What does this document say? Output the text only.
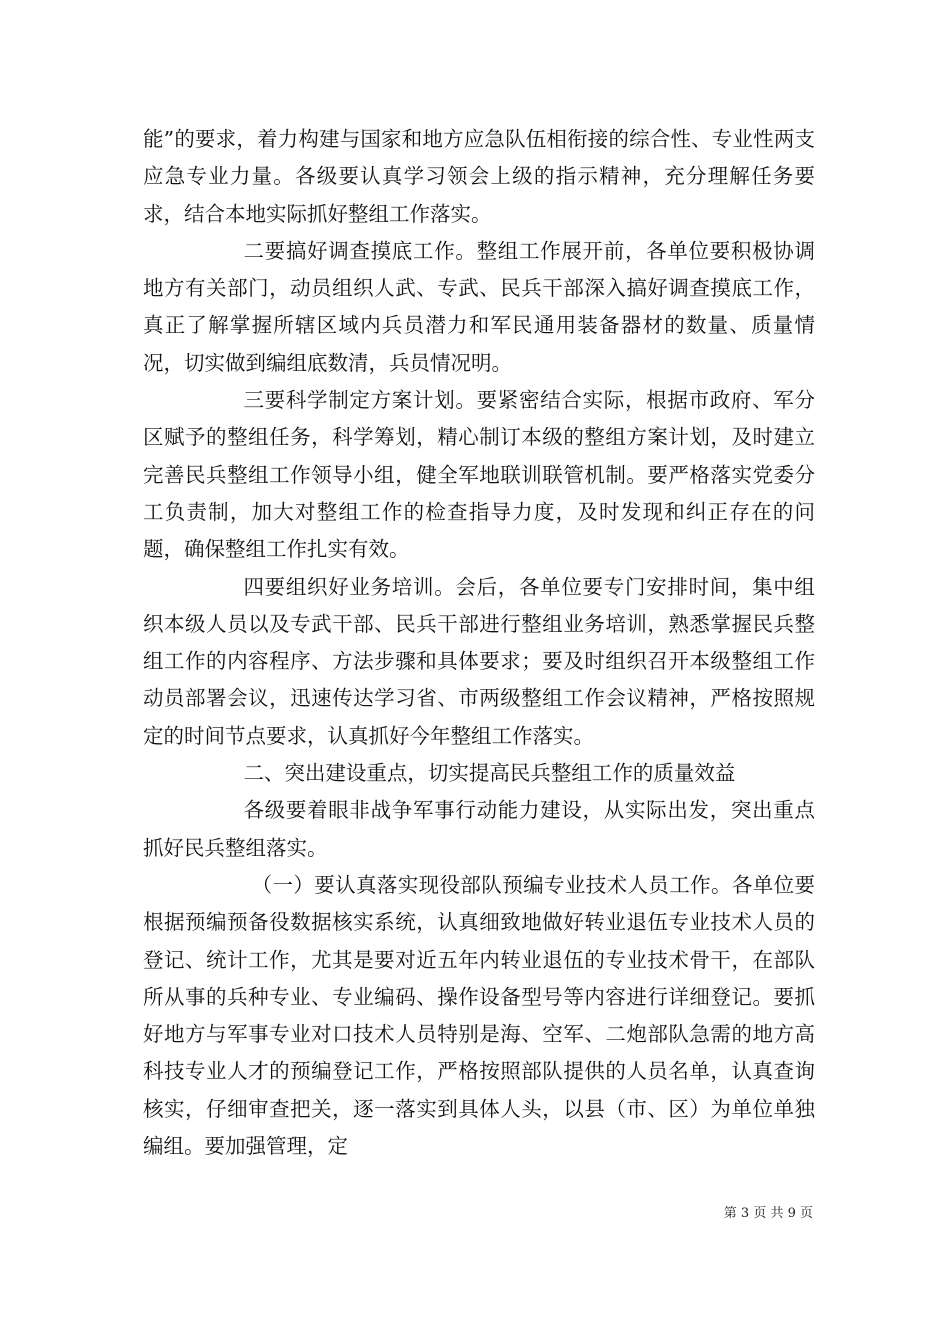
能”的要求，着力构建与国家和地方应急队伍相衔接的综合性、专业性两支应急专业力量。各级要认真学习领会上级的指示精神，充分理解任务要求，结合本地实际抓好整组工作落实。

二要搞好调查摸底工作。整组工作展开前，各单位要积极协调地方有关部门，动员组织人武、专武、民兵干部深入搞好调查摸底工作，真正了解掌握所辖区域内兵员潜力和军民通用装备器材的数量、质量情况，切实做到编组底数清，兵员情况明。

三要科学制定方案计划。要紧密结合实际，根据市政府、军分区赋予的整组任务，科学筹划，精心制订本级的整组方案计划，及时建立完善民兵整组工作领导小组，健全军地联训联管机制。要严格落实党委分工负责制，加大对整组工作的检查指导力度，及时发现和纠正存在的问题，确保整组工作扎实有效。

四要组织好业务培训。会后，各单位要专门安排时间，集中组织本级人员以及专武干部、民兵干部进行整组业务培训，熟悉掌握民兵整组工作的内容程序、方法步骤和具体要求；要及时组织召开本级整组工作动员部署会议，迅速传达学习省、市两级整组工作会议精神，严格按照规定的时间节点要求，认真抓好今年整组工作落实。

二、突出建设重点，切实提高民兵整组工作的质量效益

各级要着眼非战争军事行动能力建设，从实际出发，突出重点抓好民兵整组落实。

（一）要认真落实现役部队预编专业技术人员工作。各单位要根据预编预备役数据核实系统，认真细致地做好转业退伍专业技术人员的登记、统计工作，尤其是要对近五年内转业退伍的专业技术骨干，在部队所从事的兵种专业、专业编码、操作设备型号等内容进行详细登记。要抓好地方与军事专业对口技术人员特别是海、空军、二炮部队急需的地方高科技专业人才的预编登记工作，严格按照部队提供的人员名单，认真查询核实，仔细审查把关，逐一落实到具体人头，以县（市、区）为单位单独编组。要加强管理，定

第 3 页 共 9 页
